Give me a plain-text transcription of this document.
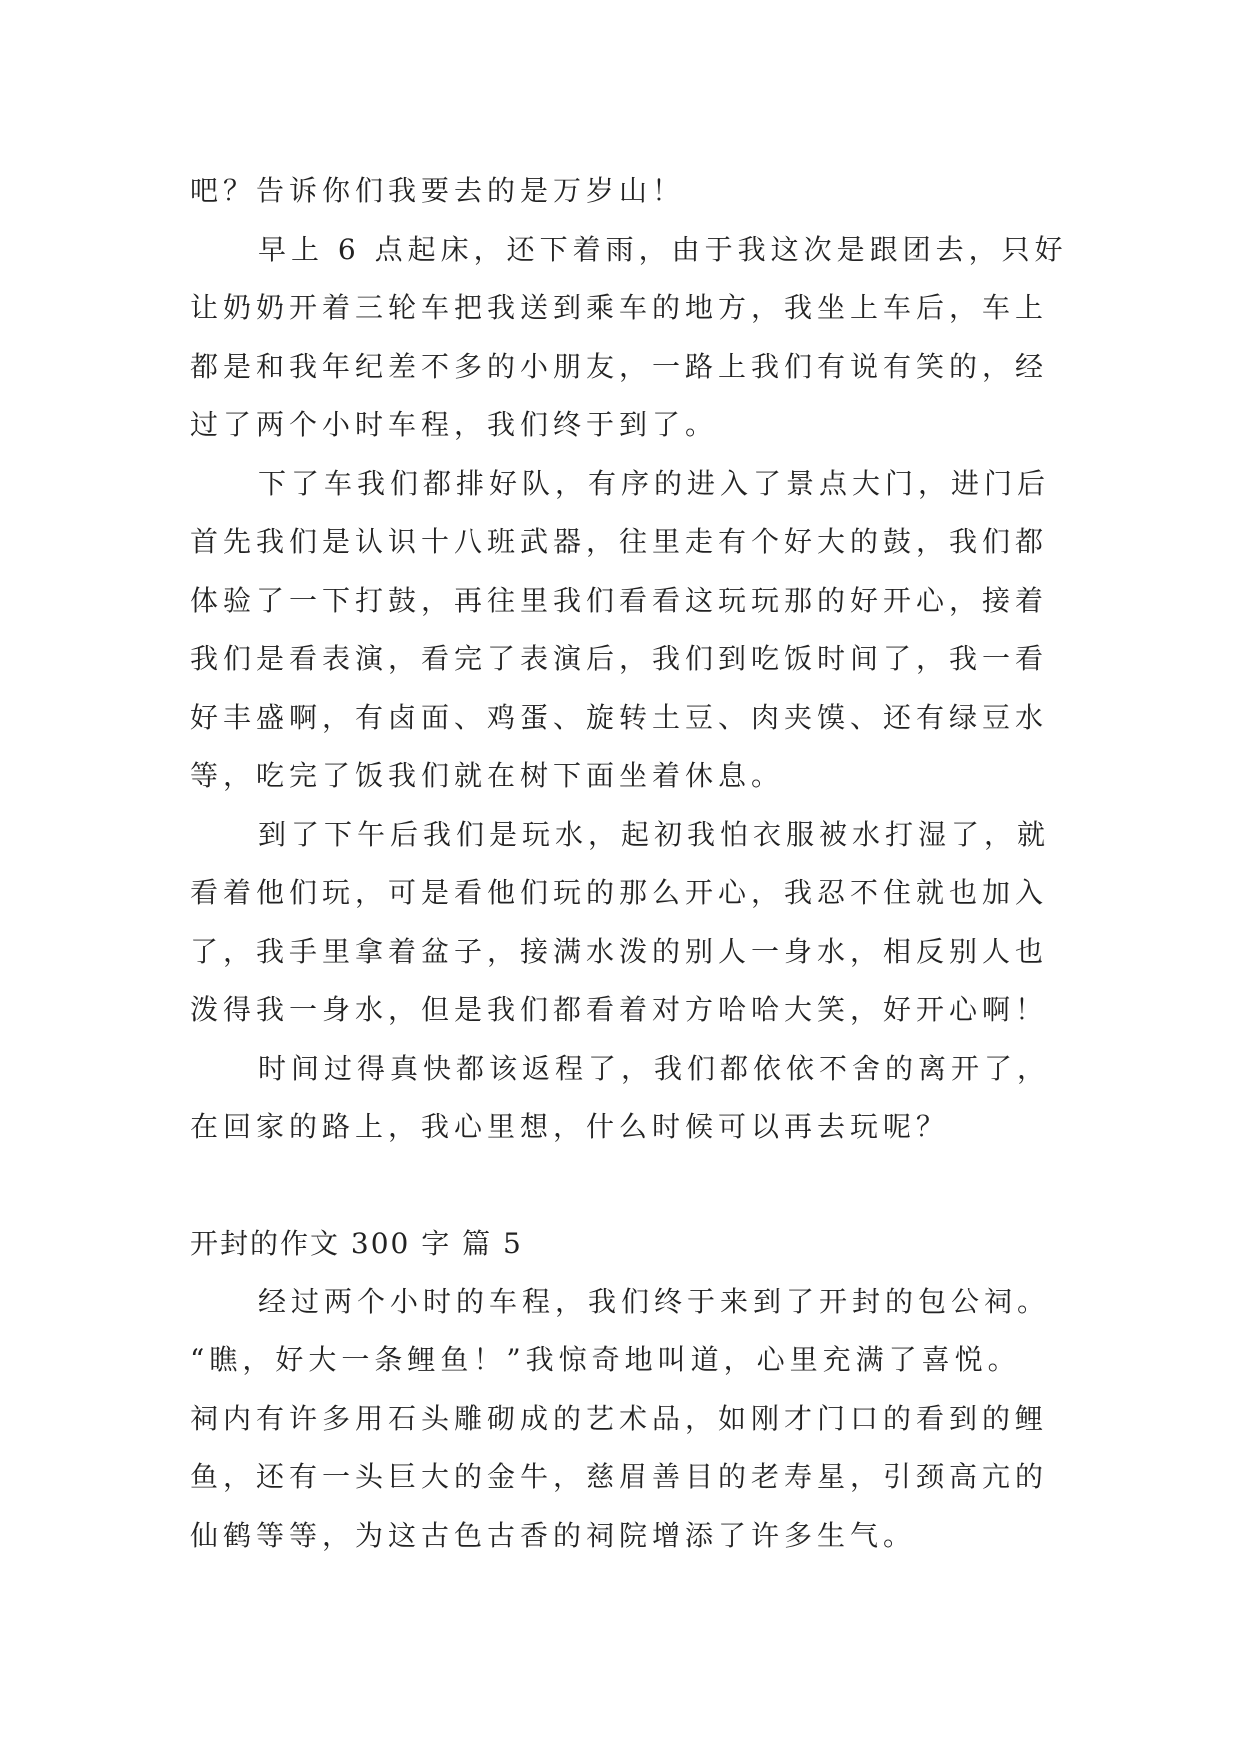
吧？告诉你们我要去的是万岁山！
早上 6 点起床，还下着雨，由于我这次是跟团去，只好
让奶奶开着三轮车把我送到乘车的地方，我坐上车后，车上
都是和我年纪差不多的小朋友，一路上我们有说有笑的，经
过了两个小时车程，我们终于到了。
下了车我们都排好队，有序的进入了景点大门，进门后
首先我们是认识十八班武器，往里走有个好大的鼓，我们都
体验了一下打鼓，再往里我们看看这玩玩那的好开心，接着
我们是看表演，看完了表演后，我们到吃饭时间了，我一看
好丰盛啊，有卤面、鸡蛋、旋转土豆、肉夹馍、还有绿豆水
等，吃完了饭我们就在树下面坐着休息。
到了下午后我们是玩水，起初我怕衣服被水打湿了，就
看着他们玩，可是看他们玩的那么开心，我忍不住就也加入
了，我手里拿着盆子，接满水泼的别人一身水，相反别人也
泼得我一身水，但是我们都看着对方哈哈大笑，好开心啊！
时间过得真快都该返程了，我们都依依不舍的离开了，
在回家的路上，我心里想，什么时候可以再去玩呢？
开封的作文 300 字 篇 5
经过两个小时的车程，我们终于来到了开封的包公祠。
“瞧，好大一条鲤鱼！”我惊奇地叫道，心里充满了喜悦。
祠内有许多用石头雕砌成的艺术品，如刚才门口的看到的鲤
鱼，还有一头巨大的金牛，慈眉善目的老寿星，引颈高亢的
仙鹤等等，为这古色古香的祠院增添了许多生气。
